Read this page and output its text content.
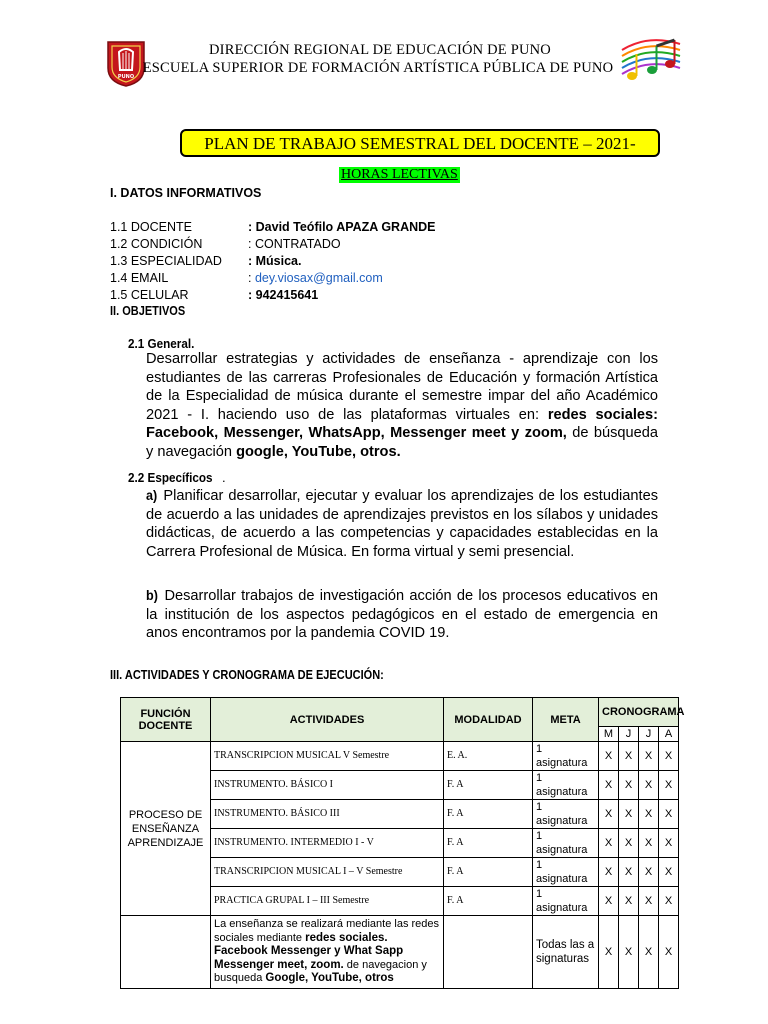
PUNO
DIRECCIÓN REGIONAL DE EDUCACIÓN DE PUNO
ESCUELA SUPERIOR DE FORMACIÓN ARTÍSTICA PÚBLICA DE PUNO
PLAN DE TRABAJO SEMESTRAL DEL DOCENTE – 2021-
HORAS LECTIVAS
I. DATOS INFORMATIVOS
1.1 DOCENTE	: David Teófilo APAZA GRANDE
1.2 CONDICIÓN	: CONTRATADO
1.3 ESPECIALIDAD : Música.
1.4 EMAIL	: dey.viosax@gmail.com
1.5 CELULAR	: 942415641
II. OBJETIVOS
2.1 General.
Desarrollar estrategias y actividades de enseñanza - aprendizaje con los estudiantes de las carreras Profesionales de Educación y formación Artística de la Especialidad de música durante el semestre impar del año Académico 2021 - I. haciendo uso de las plataformas virtuales en: redes sociales: Facebook, Messenger, WhatsApp, Messenger meet y zoom, de búsqueda y navegación google, YouTube, otros.
2.2 Específicos .
a) Planificar desarrollar, ejecutar y evaluar los aprendizajes de los estudiantes de acuerdo a las unidades de aprendizajes previstos en los sílabos y unidades didácticas, de acuerdo a las competencias y capacidades establecidas en la Carrera Profesional de Música. En forma virtual y semi presencial.
b) Desarrollar trabajos de investigación acción de los procesos educativos en la institución de los aspectos pedagógicos en el estado de emergencia en anos encontramos por la pandemia COVID 19.
III. ACTIVIDADES Y CRONOGRAMA DE EJECUCIÓN:
FUNCIÓN DOCENTE	ACTIVIDADES	MODALIDAD	META	CRONOGRAMA			
				M	J	J	A
PROCESO DE ENSEÑANZA APRENDIZAJE	TRANSCRIPCION MUSICAL V Semestre	E. A.	1 asignatura	X	X	X	X
	INSTRUMENTO. BÁSICO I	F. A	1 asignatura	X	X	X	X
	INSTRUMENTO. BÁSICO III	F. A	1 asignatura	X	X	X	X
	INSTRUMENTO. INTERMEDIO I - V	F. A	1 asignatura	X	X	X	X
	TRANSCRIPCION MUSICAL I – V Semestre	F. A	1 asignatura	X	X	X	X
	PRACTICA GRUPAL I – III Semestre	F. A	1 asignatura	X	X	X	X
	La enseñanza se realizará mediante las redes sociales mediante redes sociales. Facebook Messenger y What Sapp Messenger meet, zoom. de navegacion y busqueda Google, YouTube, otros		Todas las asignaturas	X	X	X	X
